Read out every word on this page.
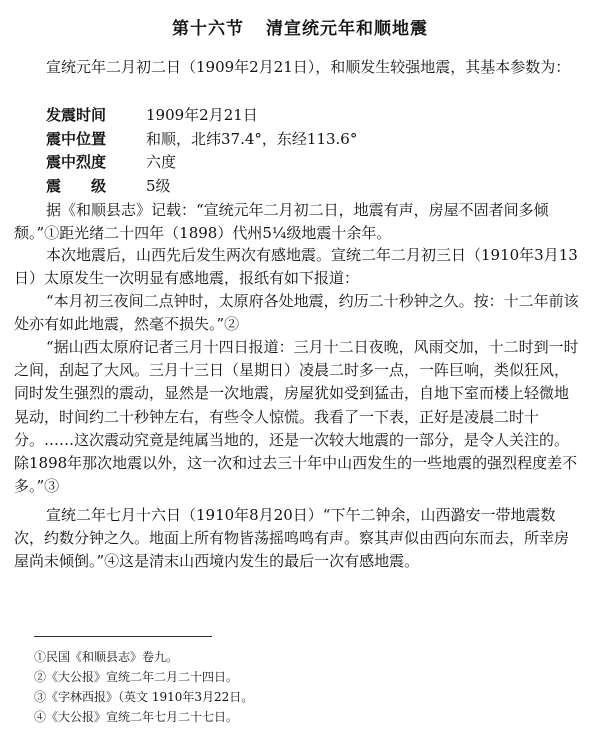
第十六节 清宣统元年和顺地震
宣统元年二月初二日（1909年2月21日），和顺发生较强地震，其基本参数为：
发震时间	1909年2月21日
震中位置	和顺，北纬37.4°，东经113.6°
震中烈度	六度
震　　级	5级
据《和顺县志》记载：“宣统元年二月初二日，地震有声，房屋不固者间多倾颓。”①距光绪二十四年（1898）代州5¼级地震十余年。
本次地震后，山西先后发生两次有感地震。宣统二年二月初三日（1910年3月13日）太原发生一次明显有感地震，报纸有如下报道：
“本月初三夜间二点钟时，太原府各处地震，约历二十秒钟之久。按：十二年前该处亦有如此地震，然毫不损失。”②
“据山西太原府记者三月十四日报道：三月十二日夜晚，风雨交加，十二时到一时之间，刮起了大风。三月十三日（星期日）凌晨二时多一点，一阵巨响，类似狂风，同时发生强烈的震动，显然是一次地震，房屋犹如受到猛击，自地下室而楼上轻微地晃动，时间约二十秒钟左右，有些令人惊慌。我看了一下表，正好是凌晨二时十分。……这次震动究竟是纯属当地的，还是一次较大地震的一部分，是令人关注的。除1898年那次地震以外，这一次和过去三十年中山西发生的一些地震的强烈程度差不多。”③
宣统二年七月十六日（1910年8月20日）“下午二钟余，山西潞安一带地震数次，约数分钟之久。地面上所有物皆荡摇鸣鸣有声。察其声似由西向东而去，所幸房屋尚未倾倒。”④这是清末山西境内发生的最后一次有感地震。
①民国《和顺县志》卷九。
②《大公报》宣统二年二月二十四日。
③《字林西报》（英文 1910年3月22日。
④《大公报》宣统二年七月二十七日。
